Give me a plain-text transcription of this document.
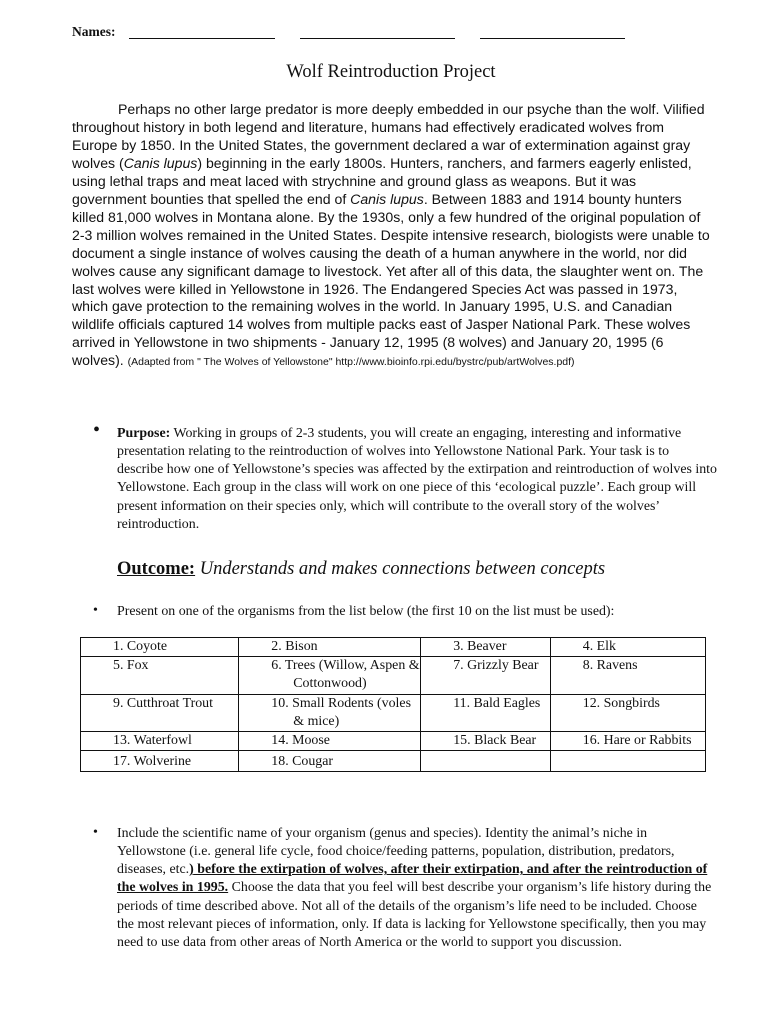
Names:
Wolf Reintroduction Project
Perhaps no other large predator is more deeply embedded in our psyche than the wolf. Vilified throughout history in both legend and literature, humans had effectively eradicated wolves from Europe by 1850. In the United States, the government declared a war of extermination against gray wolves (Canis lupus) beginning in the early 1800s. Hunters, ranchers, and farmers eagerly enlisted, using lethal traps and meat laced with strychnine and ground glass as weapons. But it was government bounties that spelled the end of Canis lupus. Between 1883 and 1914 bounty hunters killed 81,000 wolves in Montana alone. By the 1930s, only a few hundred of the original population of 2-3 million wolves remained in the United States. Despite intensive research, biologists were unable to document a single instance of wolves causing the death of a human anywhere in the world, nor did wolves cause any significant damage to livestock. Yet after all of this data, the slaughter went on. The last wolves were killed in Yellowstone in 1926. The Endangered Species Act was passed in 1973, which gave protection to the remaining wolves in the world. In January 1995, U.S. and Canadian wildlife officials captured 14 wolves from multiple packs east of Jasper National Park. These wolves arrived in Yellowstone in two shipments - January 12, 1995 (8 wolves) and January 20, 1995 (6 wolves). (Adapted from " The Wolves of Yellowstone" http://www.bioinfo.rpi.edu/bystrc/pub/artWolves.pdf)
• Purpose: Working in groups of 2-3 students, you will create an engaging, interesting and informative presentation relating to the reintroduction of wolves into Yellowstone National Park. Your task is to describe how one of Yellowstone’s species was affected by the extirpation and reintroduction of wolves into Yellowstone. Each group in the class will work on one piece of this ‘ecological puzzle’. Each group will present information on their species only, which will contribute to the overall story of the wolves’ reintroduction.
Outcome: Understands and makes connections between concepts
• Present on one of the organisms from the list below (the first 10 on the list must be used):
1. Coyote	2. Bison	3. Beaver	4. Elk

5. Fox	6. Trees (Willow, Aspen & Cottonwood)	7. Grizzly Bear	8. Ravens

9. Cutthroat Trout	10. Small Rodents (voles & mice)	11. Bald Eagles	12. Songbirds

13. Waterfowl	14. Moose	15. Black Bear	16. Hare or Rabbits

17. Wolverine	18. Cougar		

• Include the scientific name of your organism (genus and species). Identity the animal’s niche in Yellowstone (i.e. general life cycle, food choice/feeding patterns, population, distribution, predators, diseases, etc.) before the extirpation of wolves, after their extirpation, and after the reintroduction of the wolves in 1995. Choose the data that you feel will best describe your organism’s life history during the periods of time described above. Not all of the details of the organism’s life need to be included. Choose the most relevant pieces of information, only. If data is lacking for Yellowstone specifically, then you may need to use data from other areas of North America or the world to support you discussion.
